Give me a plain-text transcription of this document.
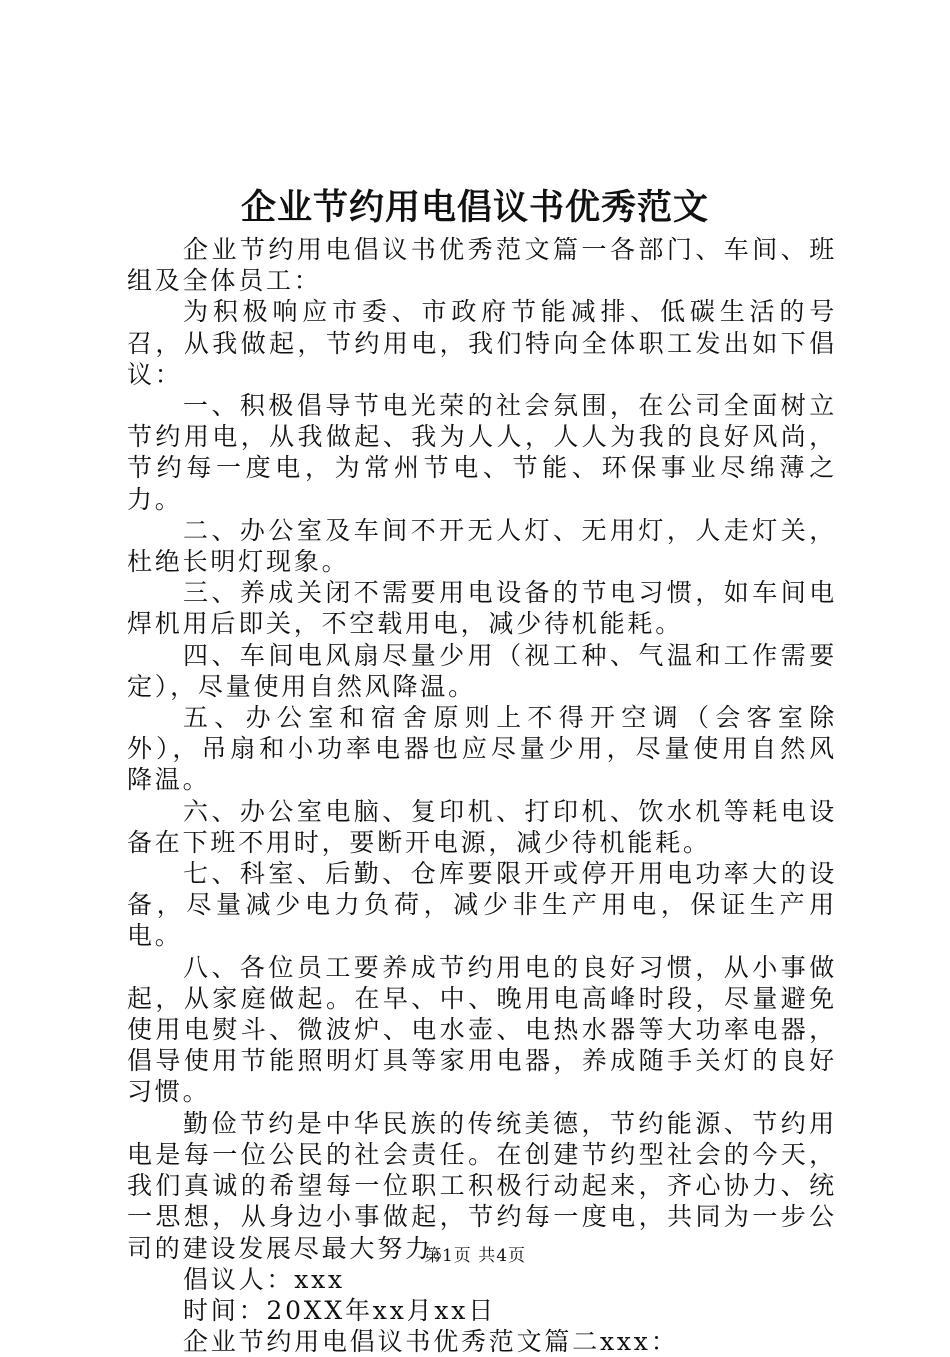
企业节约用电倡议书优秀范文

企业节约用电倡议书优秀范文篇一各部门、车间、班组及全体员工：

为积极响应市委、市政府节能减排、低碳生活的号召，从我做起，节约用电，我们特向全体职工发出如下倡议：

一、积极倡导节电光荣的社会氛围，在公司全面树立节约用电，从我做起、我为人人，人人为我的良好风尚，节约每一度电，为常州节电、节能、环保事业尽绵薄之力。

二、办公室及车间不开无人灯、无用灯，人走灯关，杜绝长明灯现象。

三、养成关闭不需要用电设备的节电习惯，如车间电焊机用后即关，不空载用电，减少待机能耗。

四、车间电风扇尽量少用（视工种、气温和工作需要定），尽量使用自然风降温。

五、办公室和宿舍原则上不得开空调（会客室除外），吊扇和小功率电器也应尽量少用，尽量使用自然风降温。

六、办公室电脑、复印机、打印机、饮水机等耗电设备在下班不用时，要断开电源，减少待机能耗。

七、科室、后勤、仓库要限开或停开用电功率大的设备，尽量减少电力负荷，减少非生产用电，保证生产用电。

八、各位员工要养成节约用电的良好习惯，从小事做起，从家庭做起。在早、中、晚用电高峰时段，尽量避免使用电熨斗、微波炉、电水壶、电热水器等大功率电器，倡导使用节能照明灯具等家用电器，养成随手关灯的良好习惯。

勤俭节约是中华民族的传统美德，节约能源、节约用电是每一位公民的社会责任。在创建节约型社会的今天，我们真诚的希望每一位职工积极行动起来，齐心协力、统一思想，从身边小事做起，节约每一度电，共同为一步公司的建设发展尽最大努力。

倡议人：xxx

时间：20XX年xx月xx日

企业节约用电倡议书优秀范文篇二xxx：

第1页 共4页
